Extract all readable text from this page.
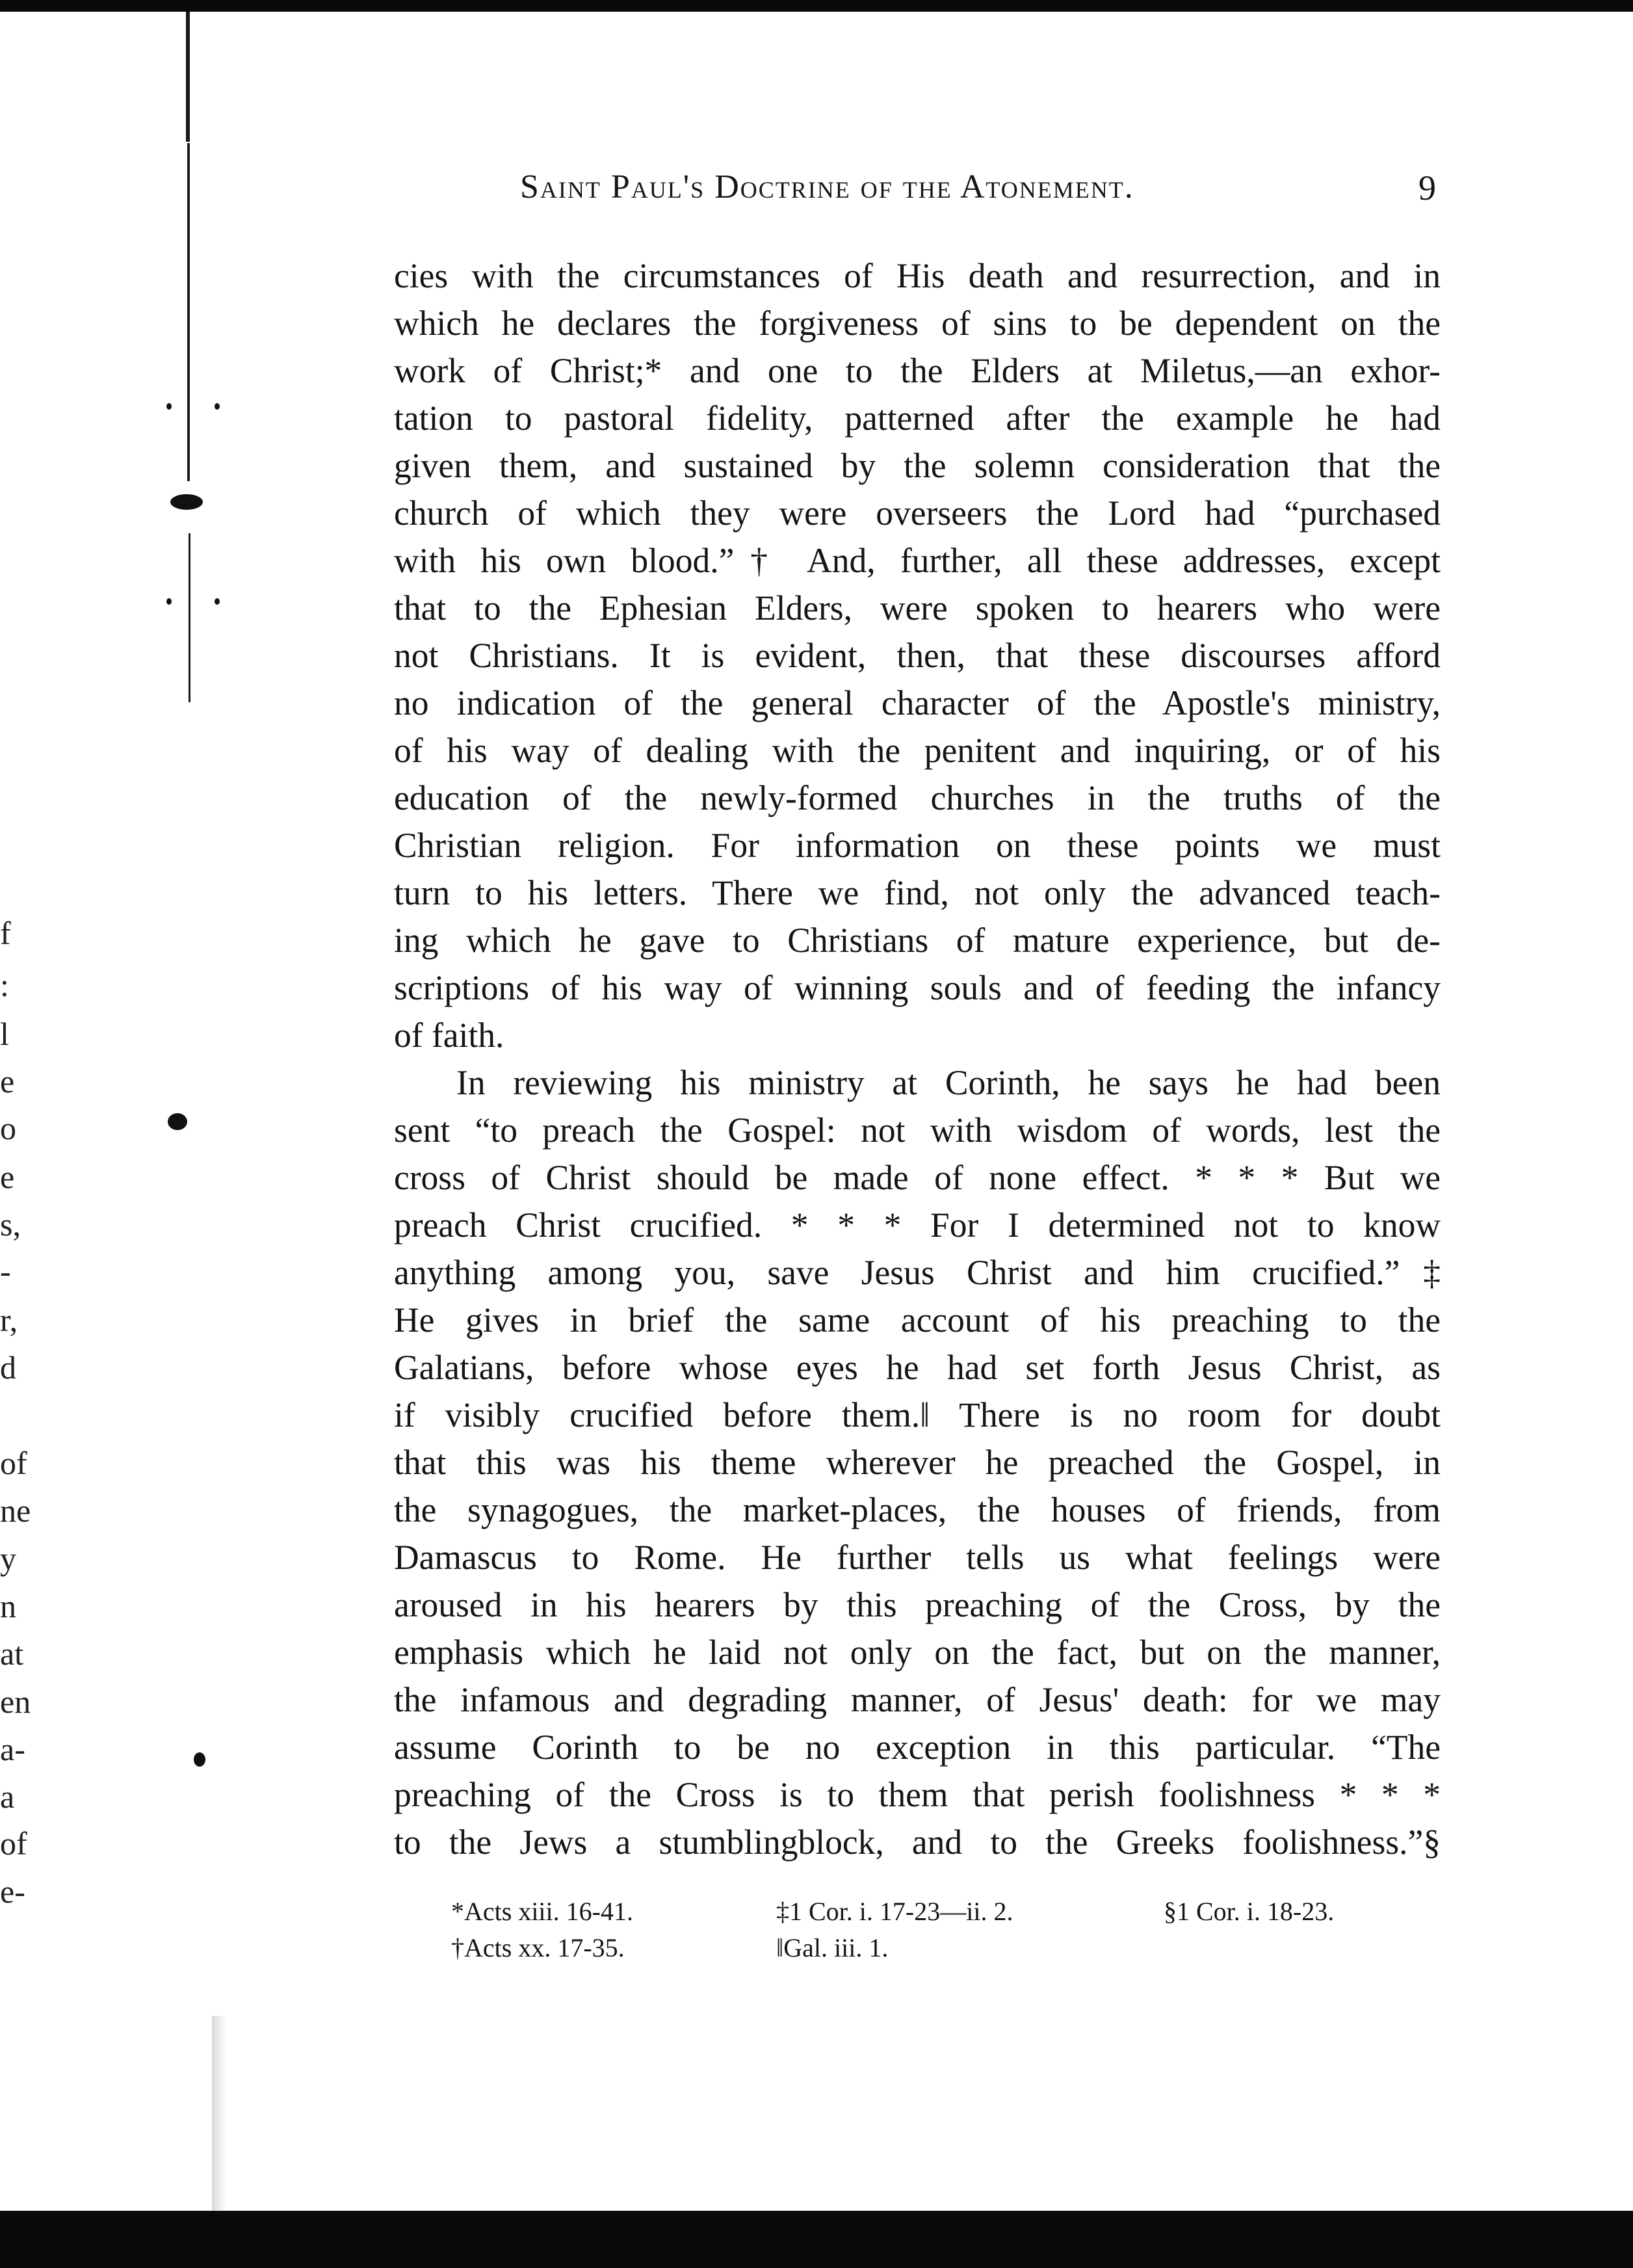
f
:
l
e
o
e
s,
-
r,
d
of
ne
y
n
at
en
a-
a
of
e-
Saint Paul's Doctrine of the Atonement.	9
cies with the circumstances of His death and resurrection, and in
which he declares the forgiveness of sins to be dependent on the
work of Christ;* and one to the Elders at Miletus,—an exhor-
tation to pastoral fidelity, patterned after the example he had
given them, and sustained by the solemn consideration that the
church of which they were overseers the Lord had “purchased
with his own blood.”† And, further, all these addresses, except
that to the Ephesian Elders, were spoken to hearers who were
not Christians. It is evident, then, that these discourses afford
no indication of the general character of the Apostle's ministry,
of his way of dealing with the penitent and inquiring, or of his
education of the newly-formed churches in the truths of the
Christian religion. For information on these points we must
turn to his letters. There we find, not only the advanced teach-
ing which he gave to Christians of mature experience, but de-
scriptions of his way of winning souls and of feeding the infancy
of faith.
In reviewing his ministry at Corinth, he says he had been
sent “to preach the Gospel: not with wisdom of words, lest the
cross of Christ should be made of none effect. * * * But we
preach Christ crucified. * * * For I determined not to know
anything among you, save Jesus Christ and him crucified.”‡
He gives in brief the same account of his preaching to the
Galatians, before whose eyes he had set forth Jesus Christ, as
if visibly crucified before them.‖ There is no room for doubt
that this was his theme wherever he preached the Gospel, in
the synagogues, the market-places, the houses of friends, from
Damascus to Rome. He further tells us what feelings were
aroused in his hearers by this preaching of the Cross, by the
emphasis which he laid not only on the fact, but on the manner,
the infamous and degrading manner, of Jesus' death: for we may
assume Corinth to be no exception in this particular. “The
preaching of the Cross is to them that perish foolishness * * *
to the Jews a stumblingblock, and to the Greeks foolishness.”§
*Acts xiii. 16-41.
†Acts xx. 17-35.
‡1 Cor. i. 17-23—ii. 2.
‖Gal. iii. 1.
§1 Cor. i. 18-23.
